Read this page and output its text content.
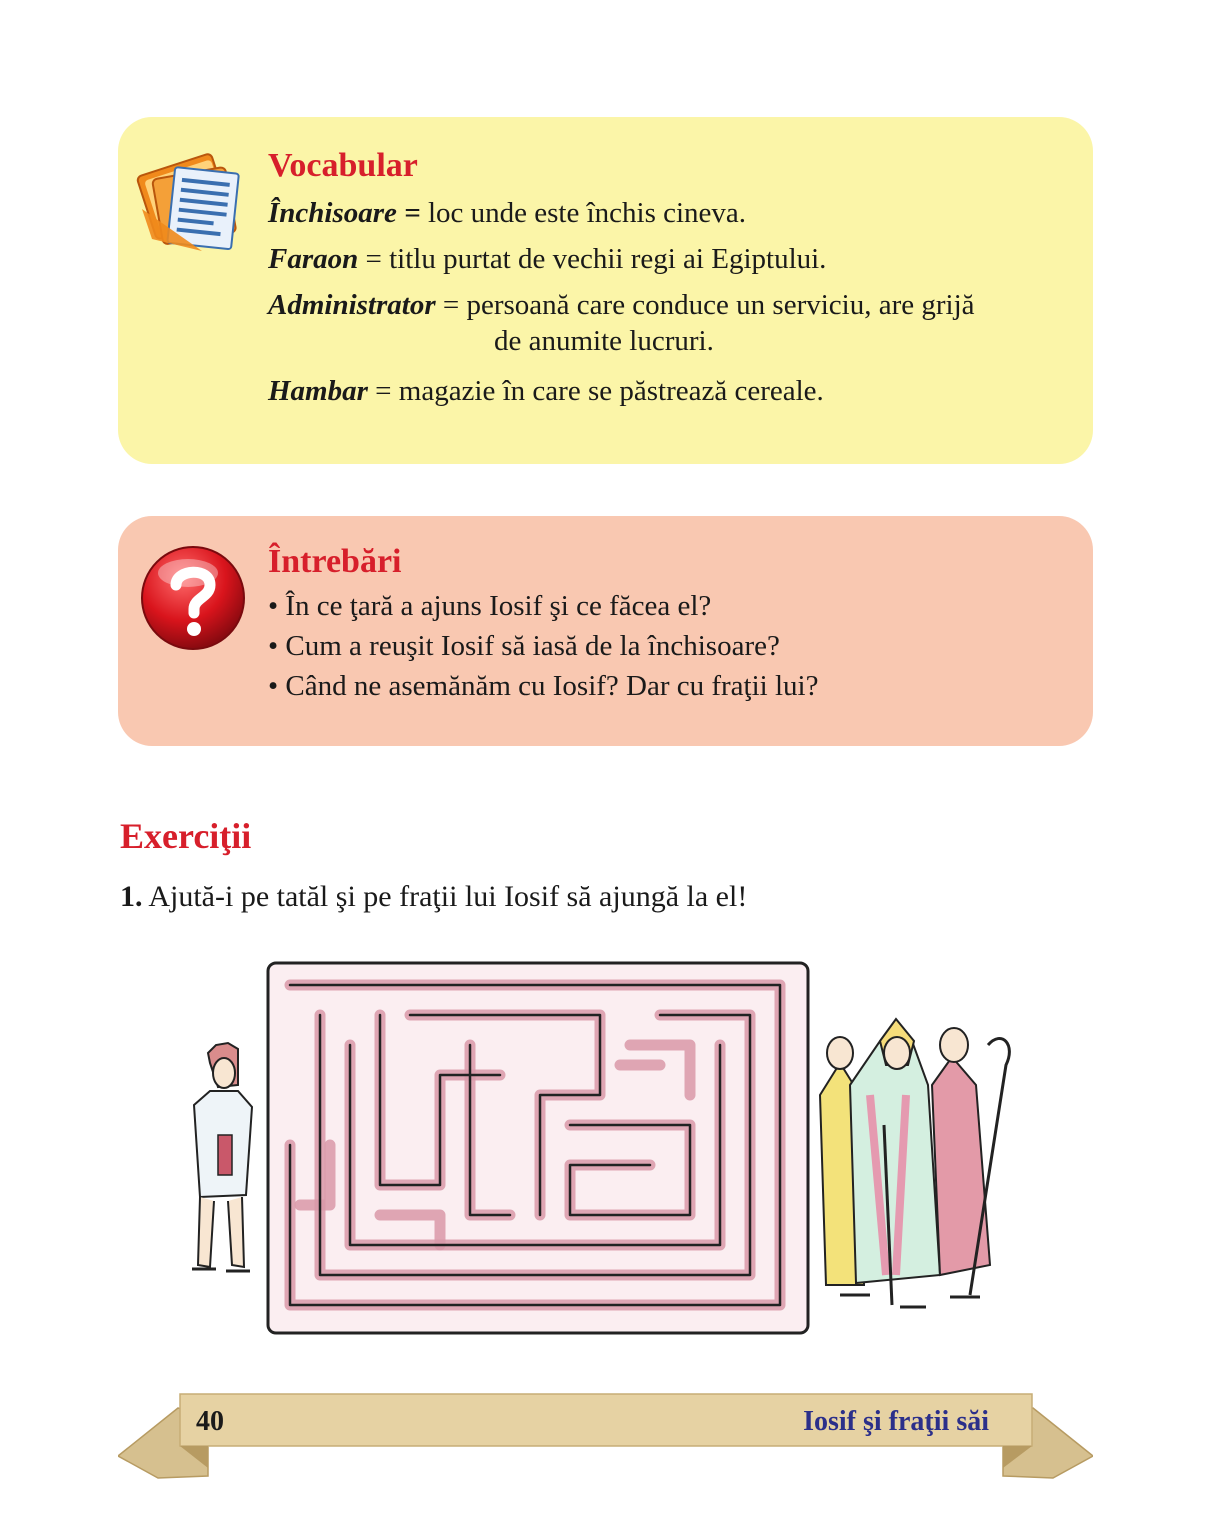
Vocabular
Închisoare = loc unde este închis cineva.
Faraon = titlu purtat de vechii regi ai Egiptului.
Administrator = persoană care conduce un serviciu, are grijă
de anumite lucruri.
Hambar = magazie în care se păstrează cereale.
Întrebări
• În ce ţară a ajuns Iosif şi ce făcea el?
• Cum a reuşit Iosif să iasă de la închisoare?
• Când ne asemănăm cu Iosif? Dar cu fraţii lui?
Exerciţii
1. Ajută-i pe tatăl şi pe fraţii lui Iosif să ajungă la el!
40	Iosif şi fraţii săi
